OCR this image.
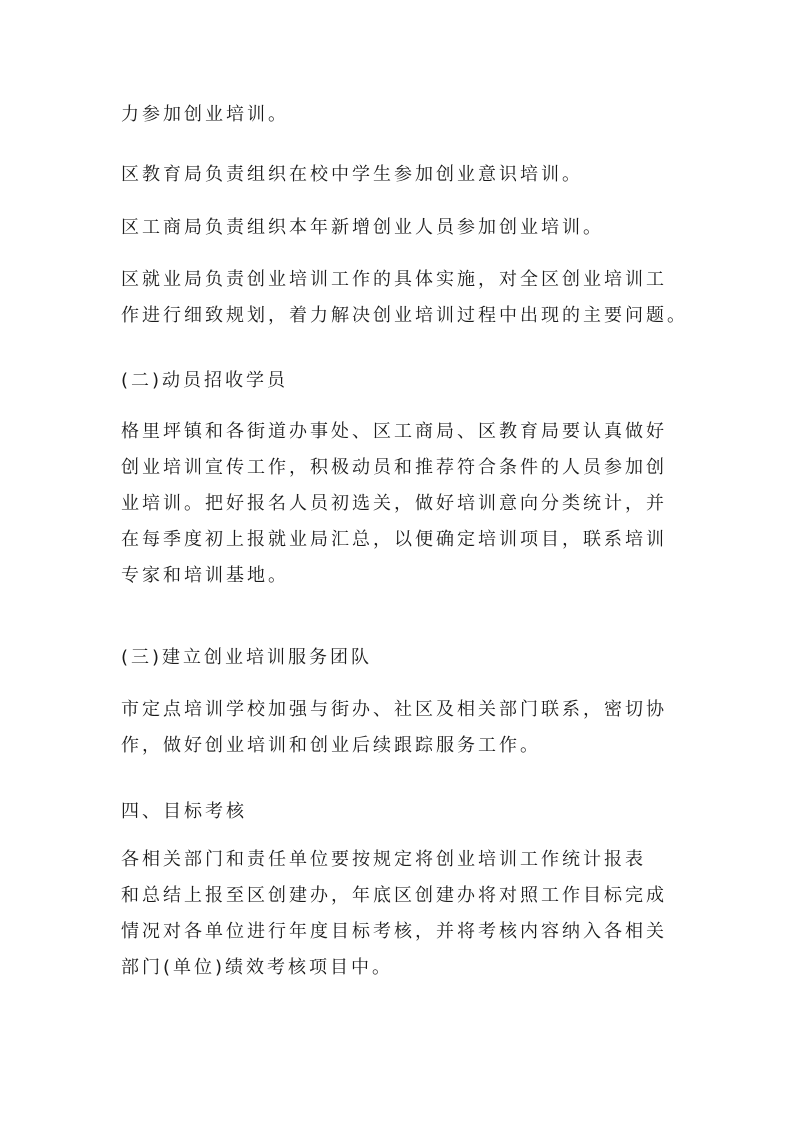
力参加创业培训。
区教育局负责组织在校中学生参加创业意识培训。
区工商局负责组织本年新增创业人员参加创业培训。
区就业局负责创业培训工作的具体实施，对全区创业培训工
作进行细致规划，着力解决创业培训过程中出现的主要问题。
(二)动员招收学员
格里坪镇和各街道办事处、区工商局、区教育局要认真做好
创业培训宣传工作，积极动员和推荐符合条件的人员参加创
业培训。把好报名人员初选关，做好培训意向分类统计，并
在每季度初上报就业局汇总，以便确定培训项目，联系培训
专家和培训基地。
(三)建立创业培训服务团队
市定点培训学校加强与街办、社区及相关部门联系，密切协
作，做好创业培训和创业后续跟踪服务工作。
四、目标考核
各相关部门和责任单位要按规定将创业培训工作统计报表
和总结上报至区创建办，年底区创建办将对照工作目标完成
情况对各单位进行年度目标考核，并将考核内容纳入各相关
部门(单位)绩效考核项目中。
